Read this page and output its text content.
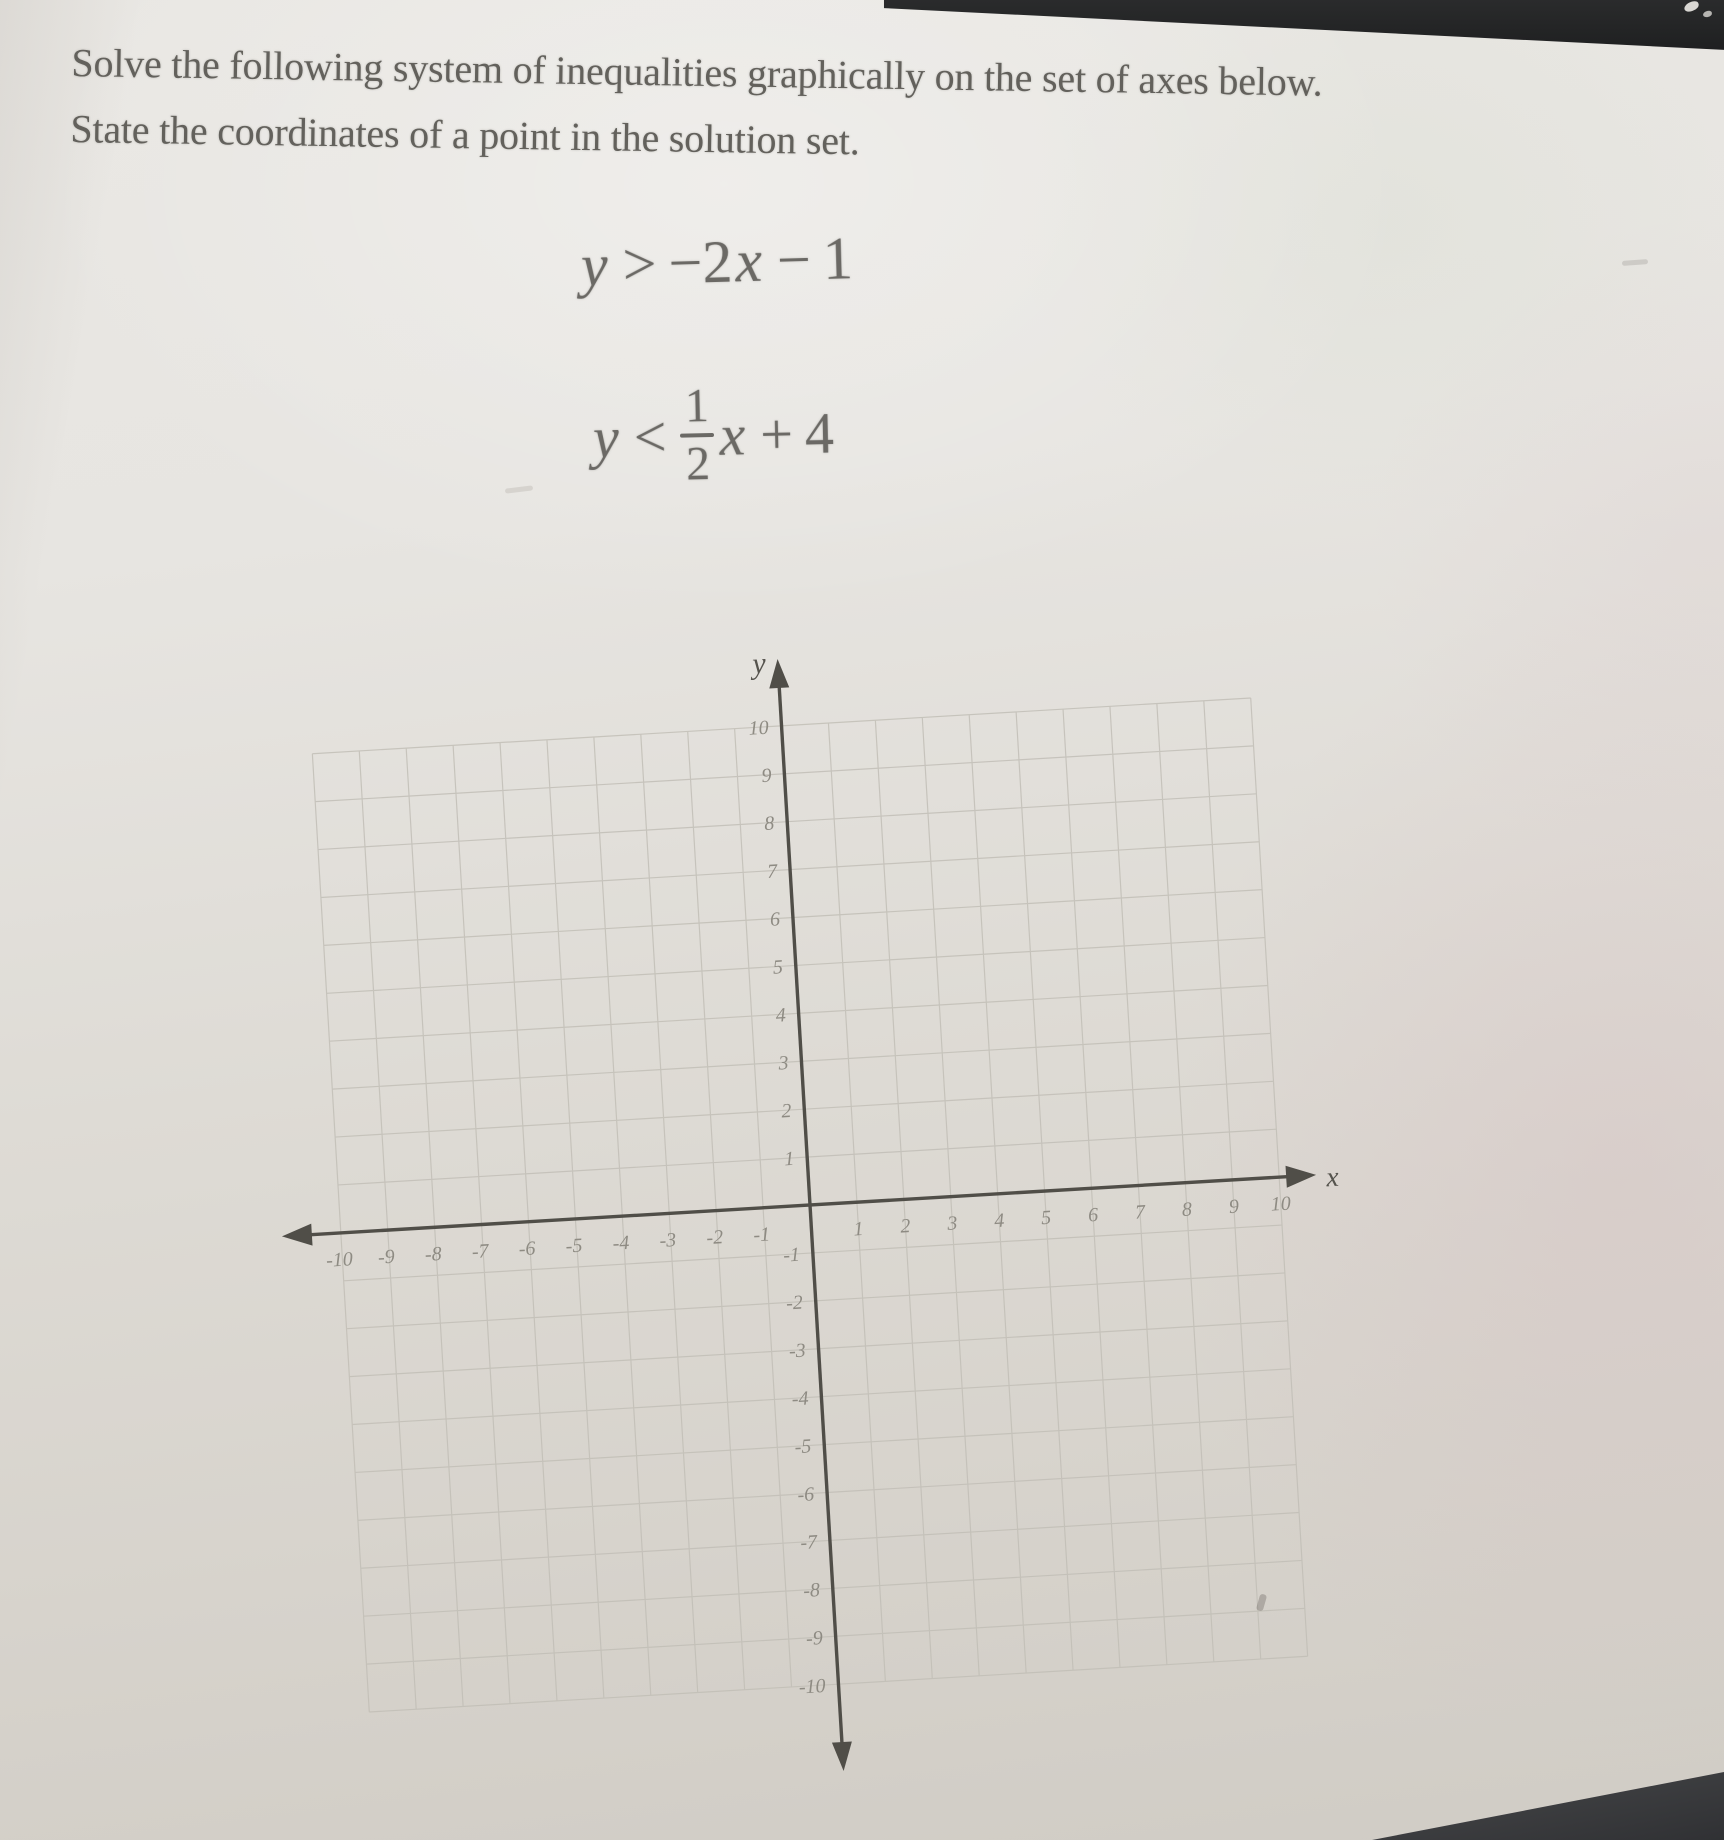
Solve the following system of inequalities graphically on the set of axes below.
State the coordinates of a point in the solution set.
y > −2 x − 1
y < 1
2 x + 4
-10 -9 -8 -7 -6 -5 -4 -3 -2 -1	1 2 3 4 5 6 7 8 9 10
10
9
8
7
6
5
4
3
2
1
-1
-2
-3
-4
-5
-6
-7
-8
-9
-10
y
x
